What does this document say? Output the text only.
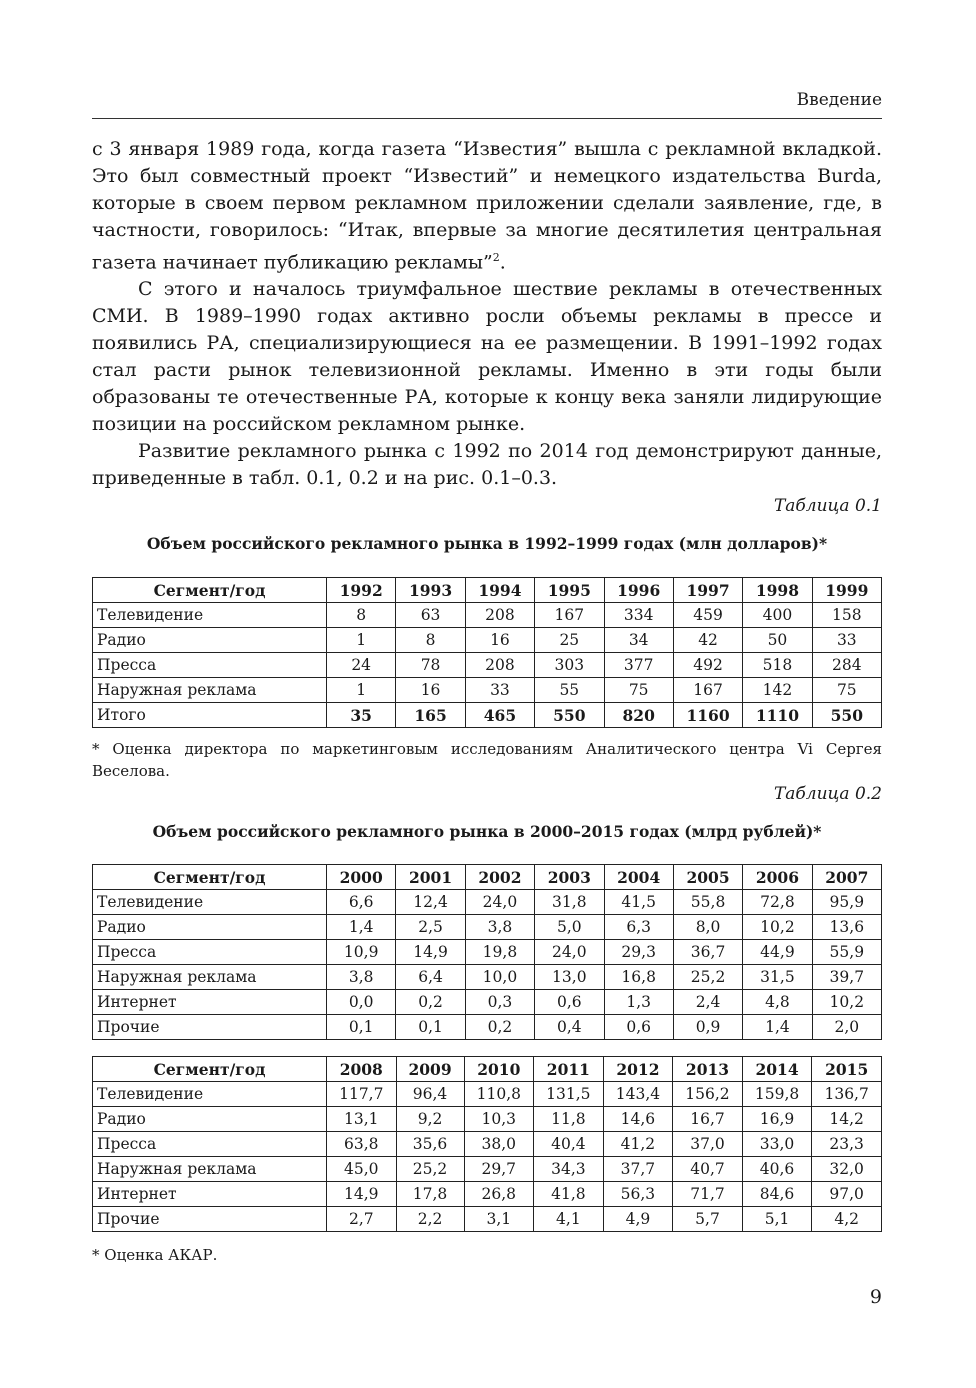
Введение

с 3 января 1989 года, когда газета “Известия” вышла с рекламной вкладкой. Это был совместный проект “Известий” и немецкого издательства Burda, которые в своем первом рекламном приложении сделали заявление, где, в частности, говорилось: “Итак, впервые за многие десятилетия центральная газета начинает публикацию рекламы”$^2$.

С этого и началось триумфальное шествие рекламы в отечественных СМИ. В 1989–1990 годах активно росли объемы рекламы в прессе и появились РА, специализирующиеся на ее размещении. В 1991–1992 годах стал расти рынок телевизионной рекламы. Именно в эти годы были образованы те отечественные РА, которые к концу века заняли лидирующие позиции на российском рекламном рынке.

Развитие рекламного рынка с 1992 по 2014 год демонстрируют данные, приведенные в табл. 0.1, 0.2 и на рис. 0.1–0.3.

Таблица 0.1
Объем российского рекламного рынка в 1992–1999 годах (млн долларов)*
Сегмент/год	1992	1993	1994	1995	1996	1997	1998	1999
Телевидение	8	63	208	167	334	459	400	158
Радио	1	8	16	25	34	42	50	33
Пресса	24	78	208	303	377	492	518	284
Наружная реклама	1	16	33	55	75	167	142	75
Итого	35	165	465	550	820	1160	1110	550
* Оценка директора по маркетинговым исследованиям Аналитического центра Vi Сергея Веселова.
Таблица 0.2
Объем российского рекламного рынка в 2000–2015 годах (млрд рублей)*
Сегмент/год	2000	2001	2002	2003	2004	2005	2006	2007
Телевидение	6,6	12,4	24,0	31,8	41,5	55,8	72,8	95,9
Радио	1,4	2,5	3,8	5,0	6,3	8,0	10,2	13,6
Пресса	10,9	14,9	19,8	24,0	29,3	36,7	44,9	55,9
Наружная реклама	3,8	6,4	10,0	13,0	16,8	25,2	31,5	39,7
Интернет	0,0	0,2	0,3	0,6	1,3	2,4	4,8	10,2
Прочие	0,1	0,1	0,2	0,4	0,6	0,9	1,4	2,0
Сегмент/год	2008	2009	2010	2011	2012	2013	2014	2015
Телевидение	117,7	96,4	110,8	131,5	143,4	156,2	159,8	136,7
Радио	13,1	9,2	10,3	11,8	14,6	16,7	16,9	14,2
Пресса	63,8	35,6	38,0	40,4	41,2	37,0	33,0	23,3
Наружная реклама	45,0	25,2	29,7	34,3	37,7	40,7	40,6	32,0
Интернет	14,9	17,8	26,8	41,8	56,3	71,7	84,6	97,0
Прочие	2,7	2,2	3,1	4,1	4,9	5,7	5,1	4,2
* Оценка АКАР.
9
